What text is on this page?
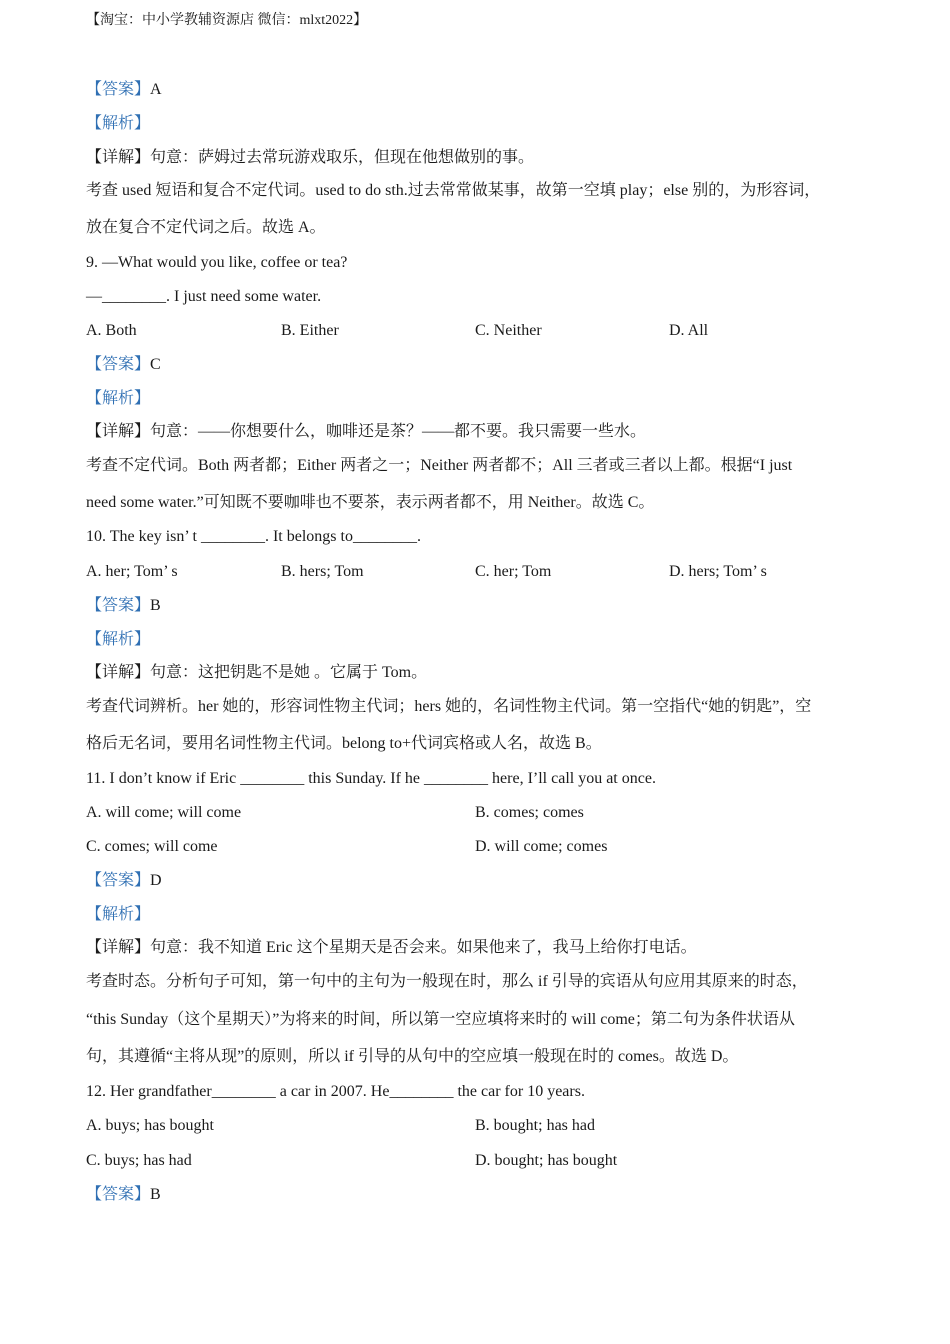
【淘宝：中小学教辅资源店 微信：mlxt2022】
【答案】A
【解析】
【详解】句意：萨姆过去常玩游戏取乐，但现在他想做别的事。
考查 used 短语和复合不定代词。used to do sth.过去常常做某事，故第一空填 play；else 别的，为形容词，
放在复合不定代词之后。故选 A。
9. —What would you like, coffee or tea?
—________. I just need some water.
A. Both	B. Either	C. Neither	D. All
【答案】C
【解析】
【详解】句意：——你想要什么，咖啡还是茶？——都不要。我只需要一些水。
考查不定代词。Both 两者都；Either 两者之一；Neither 两者都不；All 三者或三者以上都。根据“I just
need some water.”可知既不要咖啡也不要茶，表示两者都不，用 Neither。故选 C。
10. The key isn’ t ________. It belongs to________.
A. her; Tom’ s	B. hers; Tom	C. her; Tom	D. hers; Tom’ s
【答案】B
【解析】
【详解】句意：这把钥匙不是她 。它属于 Tom。
考查代词辨析。her 她的，形容词性物主代词；hers 她的，名词性物主代词。第一空指代“她的钥匙”，空
格后无名词，要用名词性物主代词。belong to+代词宾格或人名，故选 B。
11. I don’t know if Eric ________ this Sunday. If he ________ here, I’ll call you at once.
A. will come; will come	B. comes; comes
C. comes; will come	D. will come; comes
【答案】D
【解析】
【详解】句意：我不知道 Eric 这个星期天是否会来。如果他来了，我马上给你打电话。
考查时态。分析句子可知，第一句中的主句为一般现在时，那么 if 引导的宾语从句应用其原来的时态，
“this Sunday（这个星期天）”为将来的时间，所以第一空应填将来时的 will come；第二句为条件状语从
句，其遵循“主将从现”的原则，所以 if 引导的从句中的空应填一般现在时的 comes。故选 D。
12. Her grandfather________ a car in 2007. He________ the car for 10 years.
A. buys; has bought	B. bought; has had
C. buys; has had	D. bought; has bought
【答案】B
